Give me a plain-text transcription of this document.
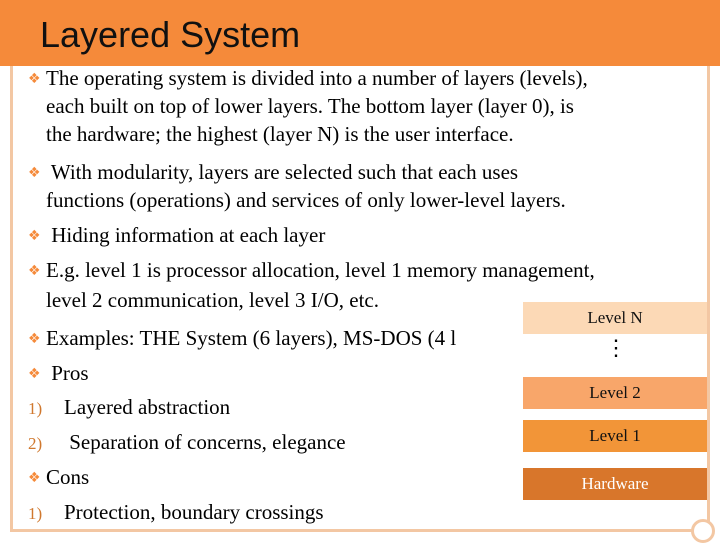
Layered System
❖ The operating system is divided into a number of layers (levels),
each built on top of lower layers. The bottom layer (layer 0), is
the hardware; the highest (layer N) is the user interface.
❖ With modularity, layers are selected such that each uses
functions (operations) and services of only lower-level layers.
❖ Hiding information at each layer
❖ E.g. level 1 is processor allocation, level 1 memory management,
level 2 communication, level 3 I/O, etc.
❖ Examples: THE System (6 layers), MS-DOS (4 l
❖ Pros
1) Layered abstraction
2) Separation of concerns, elegance
❖ Cons
1) Protection, boundary crossings
Level N
⋮
Level 2
Level 1
Hardware
